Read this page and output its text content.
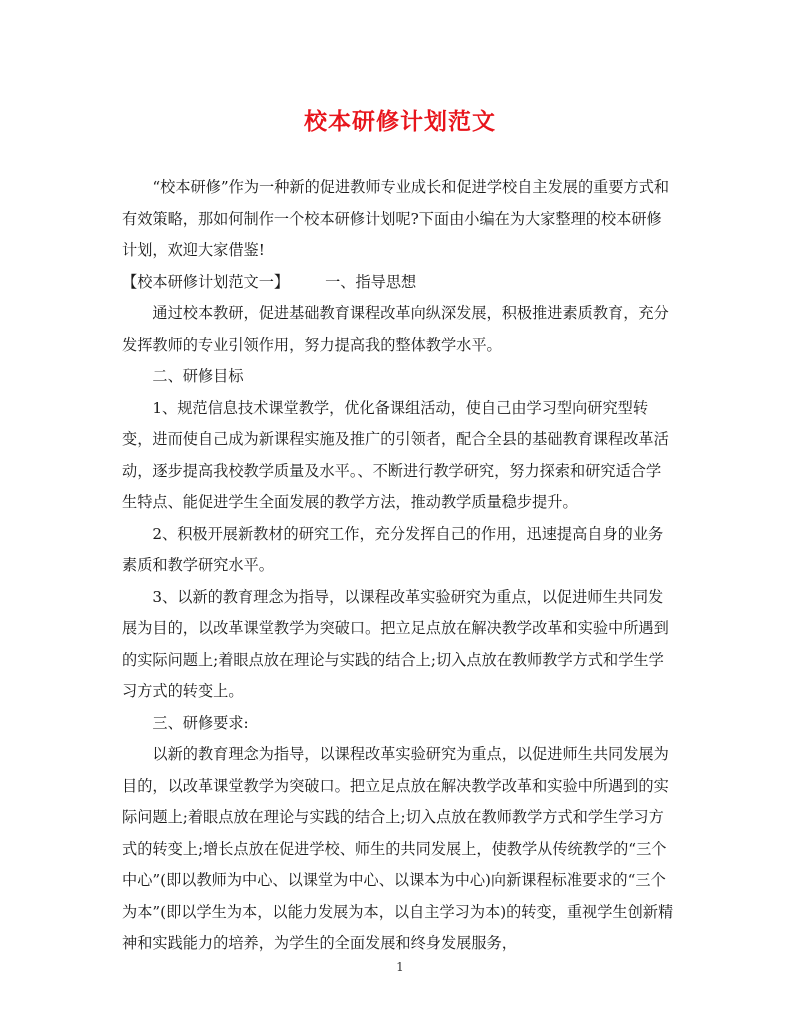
校本研修计划范文

“校本研修”作为一种新的促进教师专业成长和促进学校自主发展的重要方式和有效策略，那如何制作一个校本研修计划呢?下面由小编在为大家整理的校本研修计划，欢迎大家借鉴!

【校本研修计划范文一】 一、指导思想

通过校本教研，促进基础教育课程改革向纵深发展，积极推进素质教育，充分发挥教师的专业引领作用，努力提高我的整体教学水平。

二、研修目标

1、规范信息技术课堂教学，优化备课组活动，使自己由学习型向研究型转变，进而使自己成为新课程实施及推广的引领者，配合全县的基础教育课程改革活动，逐步提高我校教学质量及水平。、不断进行教学研究，努力探索和研究适合学生特点、能促进学生全面发展的教学方法，推动教学质量稳步提升。

2、积极开展新教材的研究工作，充分发挥自己的作用，迅速提高自身的业务素质和教学研究水平。

3、以新的教育理念为指导，以课程改革实验研究为重点，以促进师生共同发展为目的，以改革课堂教学为突破口。把立足点放在解决教学改革和实验中所遇到的实际问题上;着眼点放在理论与实践的结合上;切入点放在教师教学方式和学生学习方式的转变上。

三、研修要求:

以新的教育理念为指导，以课程改革实验研究为重点，以促进师生共同发展为目的，以改革课堂教学为突破口。把立足点放在解决教学改革和实验中所遇到的实际问题上;着眼点放在理论与实践的结合上;切入点放在教师教学方式和学生学习方式的转变上;增长点放在促进学校、师生的共同发展上，使教学从传统教学的“三个中心”(即以教师为中心、以课堂为中心、以课本为中心)向新课程标准要求的“三个为本”(即以学生为本，以能力发展为本，以自主学习为本)的转变，重视学生创新精神和实践能力的培养，为学生的全面发展和终身发展服务，

1
